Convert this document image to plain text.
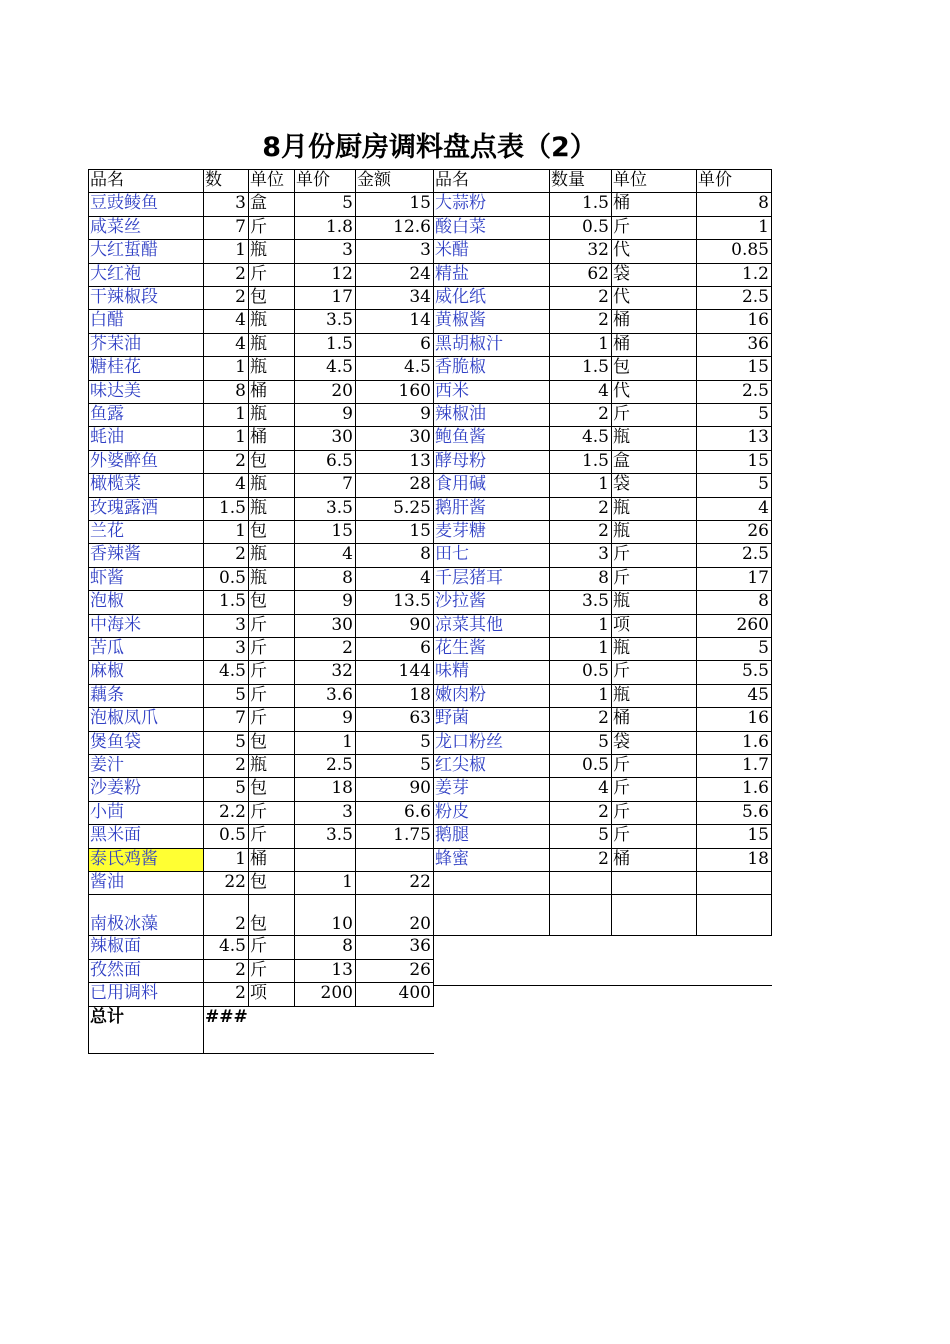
8月份厨房调料盘点表（2）
品名	数	单位 单价	金额	品名	数量	单位	单价
豆豉鲮鱼	3 盒	5	15
咸菜丝	7 斤	1.8	12.6
大红蜇醋	1 瓶	3	3
大红袍	2 斤	12	24
干辣椒段	2 包	17	34
白醋	4 瓶	3.5	14
芥茉油	4 瓶	1.5	6
糖桂花	1 瓶	4.5	4.5
味达美	8 桶	20	160
鱼露	1 瓶	9	9
蚝油	1 桶	30	30
外婆醉鱼	2 包	6.5	13
橄榄菜	4 瓶	7	28
玫瑰露酒	1.5 瓶	3.5	5.25
兰花	1 包	15	15
香辣酱	2 瓶	4	8
虾酱	0.5 瓶	8	4
泡椒	1.5 包	9	13.5
中海米	3 斤	30	90
苦瓜	3 斤	2	6
麻椒	4.5 斤	32	144
藕条	5 斤	3.6	18
泡椒凤爪	7 斤	9	63
煲鱼袋	5 包	1	5
姜汁	2 瓶	2.5	5
沙姜粉	5 包	18	90
小茴	2.2 斤	3	6.6
黑米面	0.5 斤	3.5	1.75
泰氏鸡酱	1 桶
酱油	22 包	1	22
南极冰藻	2 包	10	20
辣椒面	4.5 斤	8	36
孜然面	2 斤	13	26
已用调料	2 项	200	400
大蒜粉	1.5 桶	8
酸白菜	0.5 斤	1
米醋	32 代	0.85
精盐	62 袋	1.2
威化纸	2 代	2.5
黄椒酱	2 桶	16
黑胡椒汁	1 桶	36
香脆椒	1.5 包	15
西米	4 代	2.5
辣椒油	2 斤	5
鲍鱼酱	4.5 瓶	13
酵母粉	1.5 盒	15
食用碱	1 袋	5
鹅肝酱	2 瓶	4
麦芽糖	2 瓶	26
田七	3 斤	2.5
千层猪耳	8 斤	17
沙拉酱	3.5 瓶	8
凉菜其他	1 项	260
花生酱	1 瓶	5
味精	0.5 斤	5.5
嫩肉粉	1 瓶	45
野菌	2 桶	16
龙口粉丝	5 袋	1.6
红尖椒	0.5 斤	1.7
姜芽	4 斤	1.6
粉皮	2 斤	5.6
鹅腿	5 斤	15
蜂蜜	2 桶	18
总计	###
